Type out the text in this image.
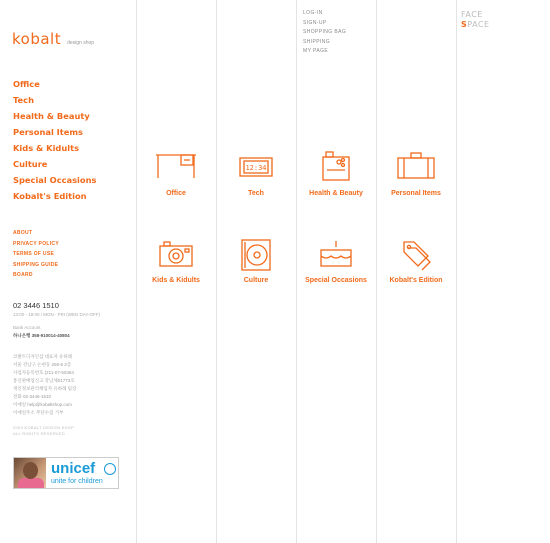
kobalt design shop
Office
Tech
Health & Beauty
Personal Items
Kids & Kidults
Culture
Special Occasions
Kobalt's Edition
ABOUT
PRIVACY POLICY
TERMS OF USE
SHIPPING GUIDE
BOARD
02 3446 1510
13:00 - 18:00 / MON - FRI (WED DAY-OFF)
Bank Account
하나은행 358-910014-40804
코발트디자인샵 대표자 유하례
서울 강남구 논현동 256-6 2층
사업자등록번호 (211-07-50364
통신판매업신고 강남제01773호
개인정보관리책임자 유하례 팀장
전화 02-3446-1510
이메일 help@kobaltshop.com
이메일주소 무단수집 거부
2009 KOBALT DESIGN SHOP
ALL RIGHTS RESERVED
unicef
unite for children
LOG-IN
SIGN-UP
SHOPPING BAG
SHIPPING
MY PAGE
FACE
SPACE
Office
12:34
Tech	Health & Beauty	Personal Items
Kids & Kidults	Culture	Special Occasions	Kobalt's Edition
